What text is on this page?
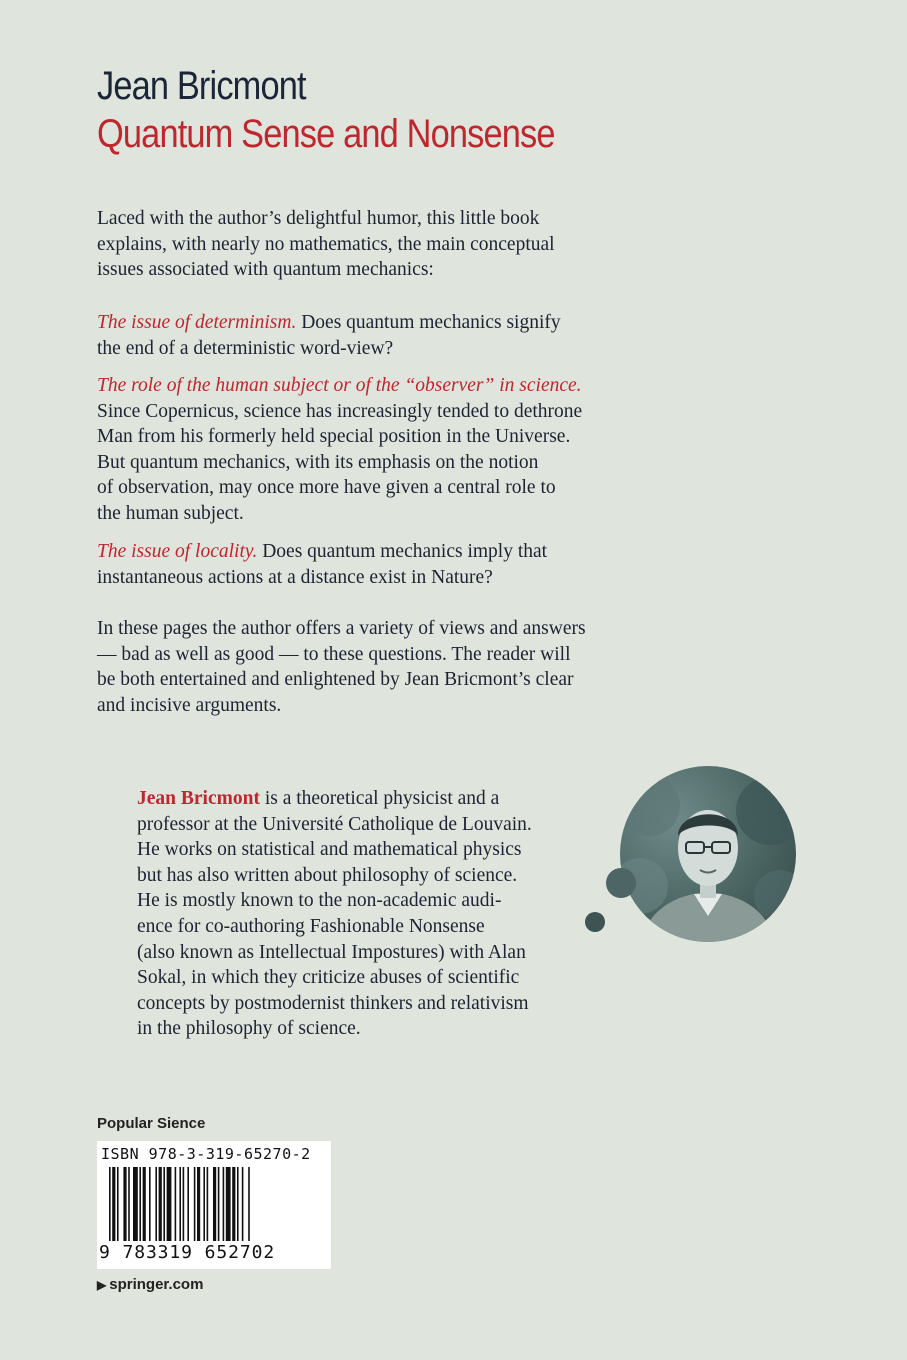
Jean Bricmont
Quantum Sense and Nonsense
Laced with the author’s delightful humor, this little book
explains, with nearly no mathematics, the main conceptual
issues associated with quantum mechanics:
The issue of determinism. Does quantum mechanics signify
the end of a deterministic word-view?
The role of the human subject or of the “observer” in science.
Since Copernicus, science has increasingly tended to dethrone
Man from his formerly held special position in the Universe.
But quantum mechanics, with its emphasis on the notion
of observation, may once more have given a central role to
the human subject.
The issue of locality. Does quantum mechanics imply that
instantaneous actions at a distance exist in Nature?
In these pages the author offers a variety of views and answers
— bad as well as good — to these questions. The reader will
be both entertained and enlightened by Jean Bricmont’s clear
and incisive arguments.
Jean Bricmont is a theoretical physicist and a
professor at the Université Catholique de Louvain.
He works on statistical and mathematical physics
but has also written about philosophy of science.
He is mostly known to the non-academic audi-
ence for co-authoring Fashionable Nonsense
(also known as Intellectual Impostures) with Alan
Sokal, in which they criticize abuses of scientific
concepts by postmodernist thinkers and relativism
in the philosophy of science.
Popular Sience
ISBN 978-3-319-65270-2
9 783319 652702
▶ springer.com
